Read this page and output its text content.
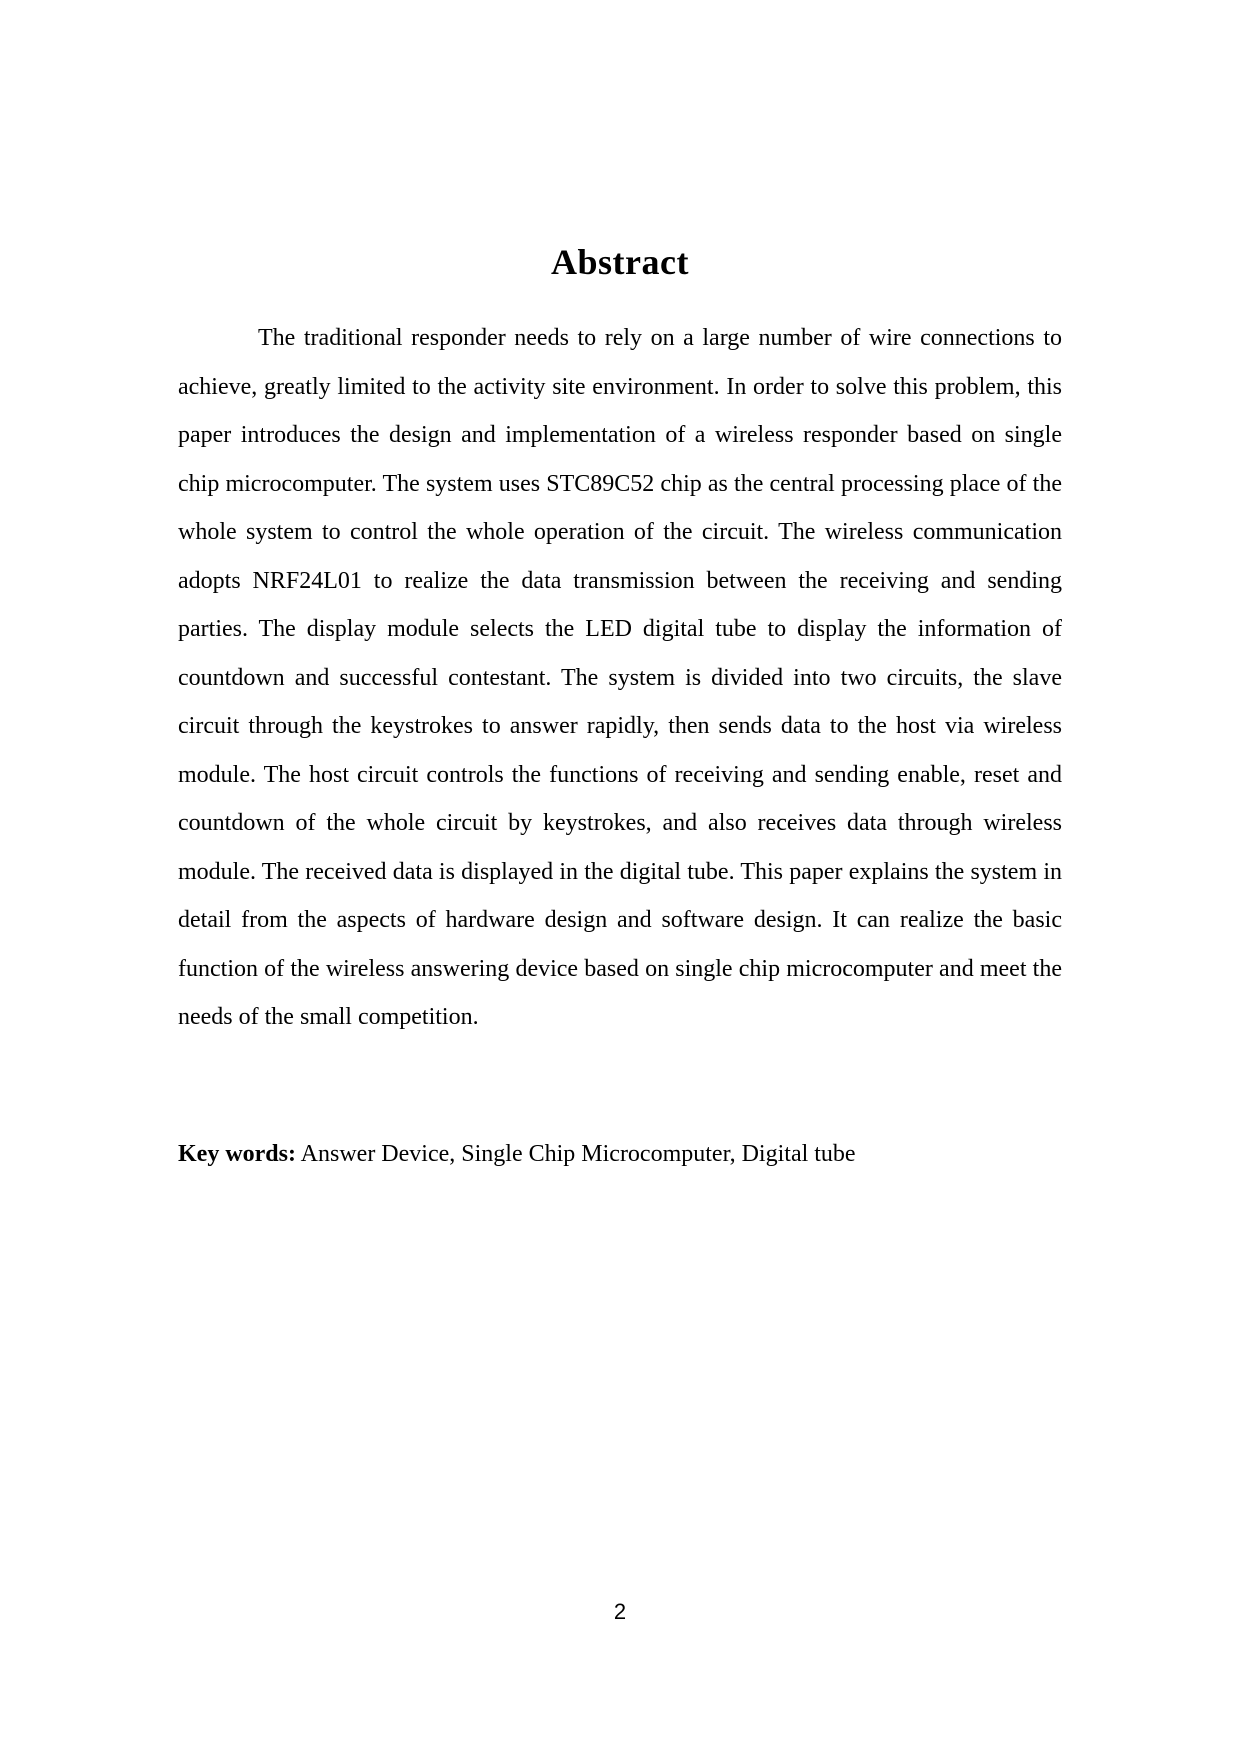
Abstract

The traditional responder needs to rely on a large number of wire connections to achieve, greatly limited to the activity site environment. In order to solve this problem, this paper introduces the design and implementation of a wireless responder based on single chip microcomputer. The system uses STC89C52 chip as the central processing place of the whole system to control the whole operation of the circuit. The wireless communication adopts NRF24L01 to realize the data transmission between the receiving and sending parties. The display module selects the LED digital tube to display the information of countdown and successful contestant. The system is divided into two circuits, the slave circuit through the keystrokes to answer rapidly, then sends data to the host via wireless module. The host circuit controls the functions of receiving and sending enable, reset and countdown of the whole circuit by keystrokes, and also receives data through wireless module. The received data is displayed in the digital tube. This paper explains the system in detail from the aspects of hardware design and software design. It can realize the basic function of the wireless answering device based on single chip microcomputer and meet the needs of the small competition.

Key words: Answer Device, Single Chip Microcomputer, Digital tube

2
